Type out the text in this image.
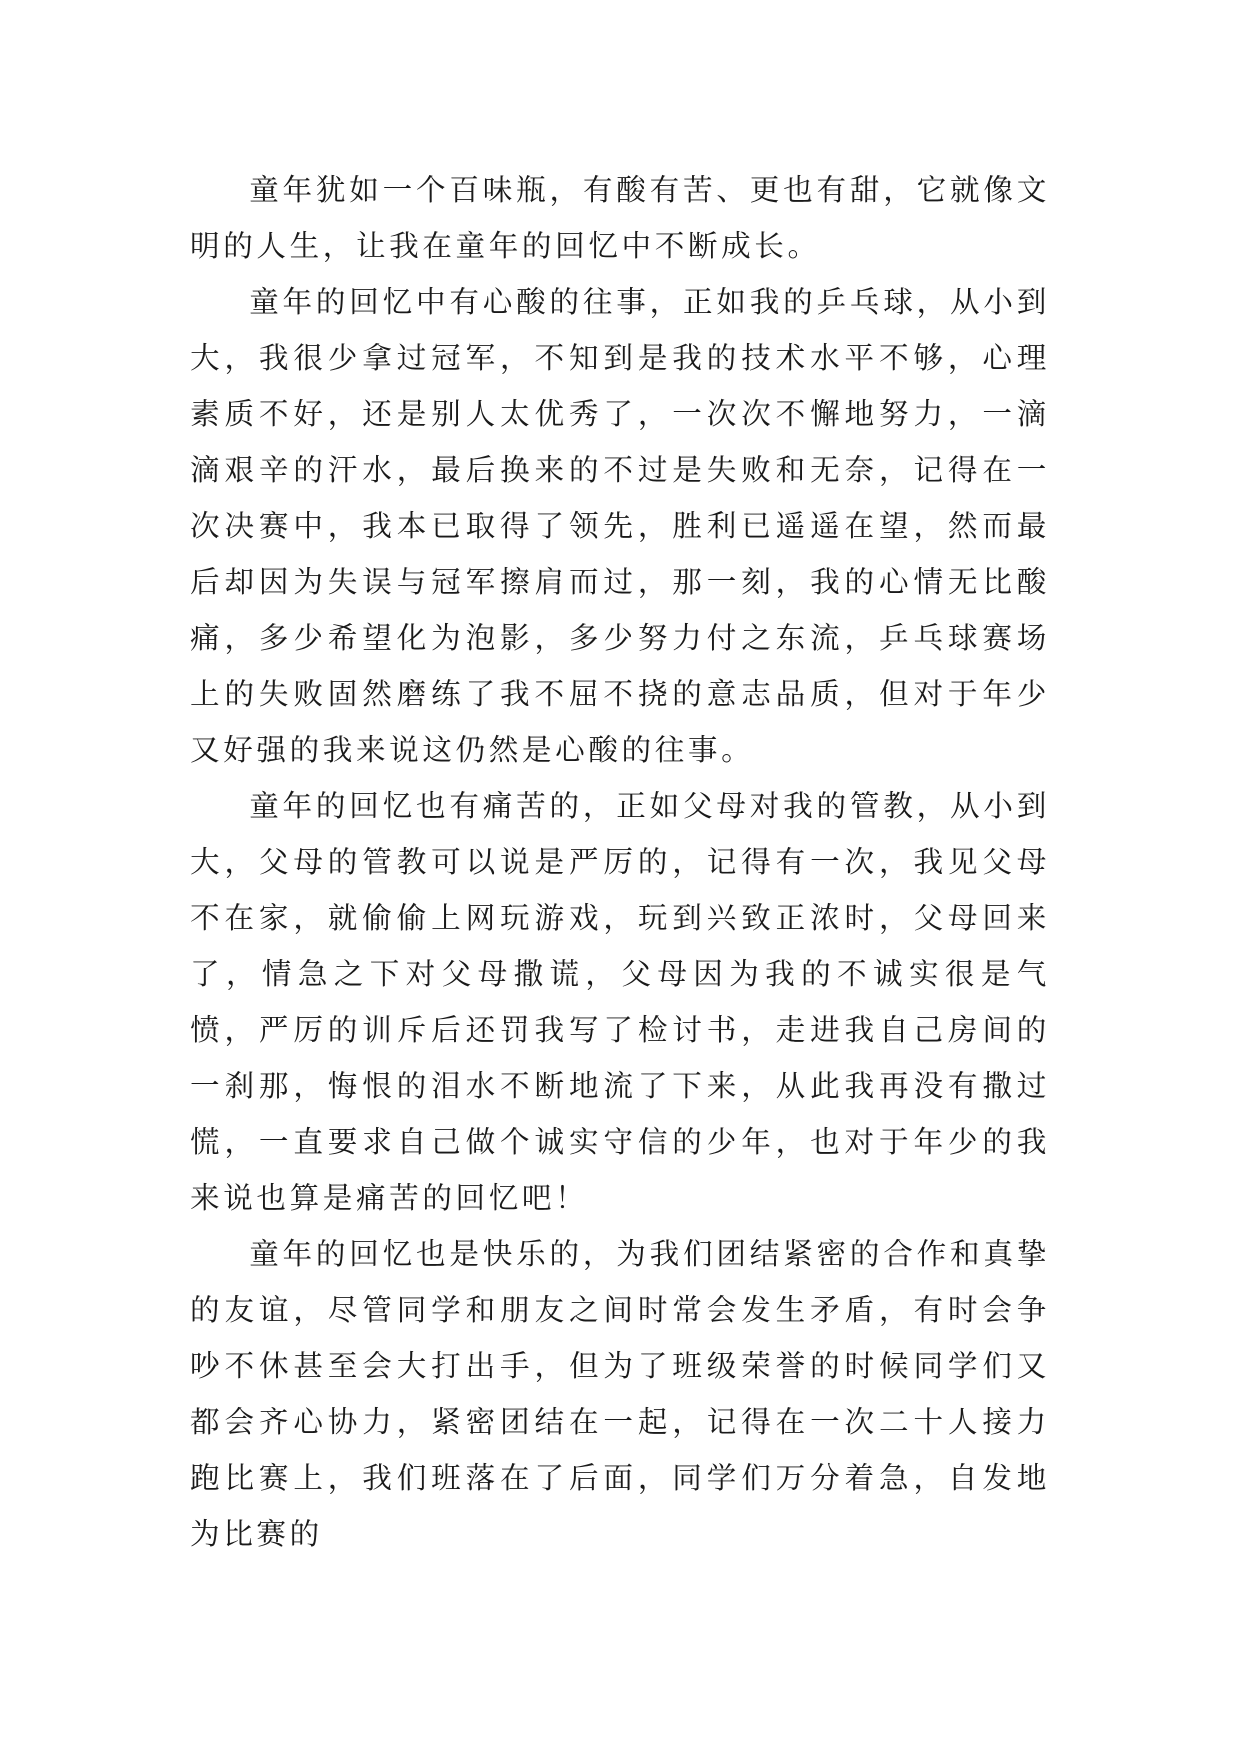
童年犹如一个百味瓶，有酸有苦、更也有甜，它就像文明的人生，让我在童年的回忆中不断成长。

童年的回忆中有心酸的往事，正如我的乒乓球，从小到大，我很少拿过冠军，不知到是我的技术水平不够，心理素质不好，还是别人太优秀了，一次次不懈地努力，一滴滴艰辛的汗水，最后换来的不过是失败和无奈，记得在一次决赛中，我本已取得了领先，胜利已遥遥在望，然而最后却因为失误与冠军擦肩而过，那一刻，我的心情无比酸痛，多少希望化为泡影，多少努力付之东流，乒乓球赛场上的失败固然磨练了我不屈不挠的意志品质，但对于年少又好强的我来说这仍然是心酸的往事。

童年的回忆也有痛苦的，正如父母对我的管教，从小到大，父母的管教可以说是严厉的，记得有一次，我见父母不在家，就偷偷上网玩游戏，玩到兴致正浓时，父母回来了，情急之下对父母撒谎，父母因为我的不诚实很是气愤，严厉的训斥后还罚我写了检讨书，走进我自己房间的一刹那，悔恨的泪水不断地流了下来，从此我再没有撒过慌，一直要求自己做个诚实守信的少年，也对于年少的我来说也算是痛苦的回忆吧！

童年的回忆也是快乐的，为我们团结紧密的合作和真挚的友谊，尽管同学和朋友之间时常会发生矛盾，有时会争吵不休甚至会大打出手，但为了班级荣誉的时候同学们又都会齐心协力，紧密团结在一起，记得在一次二十人接力跑比赛上，我们班落在了后面，同学们万分着急，自发地为比赛的
